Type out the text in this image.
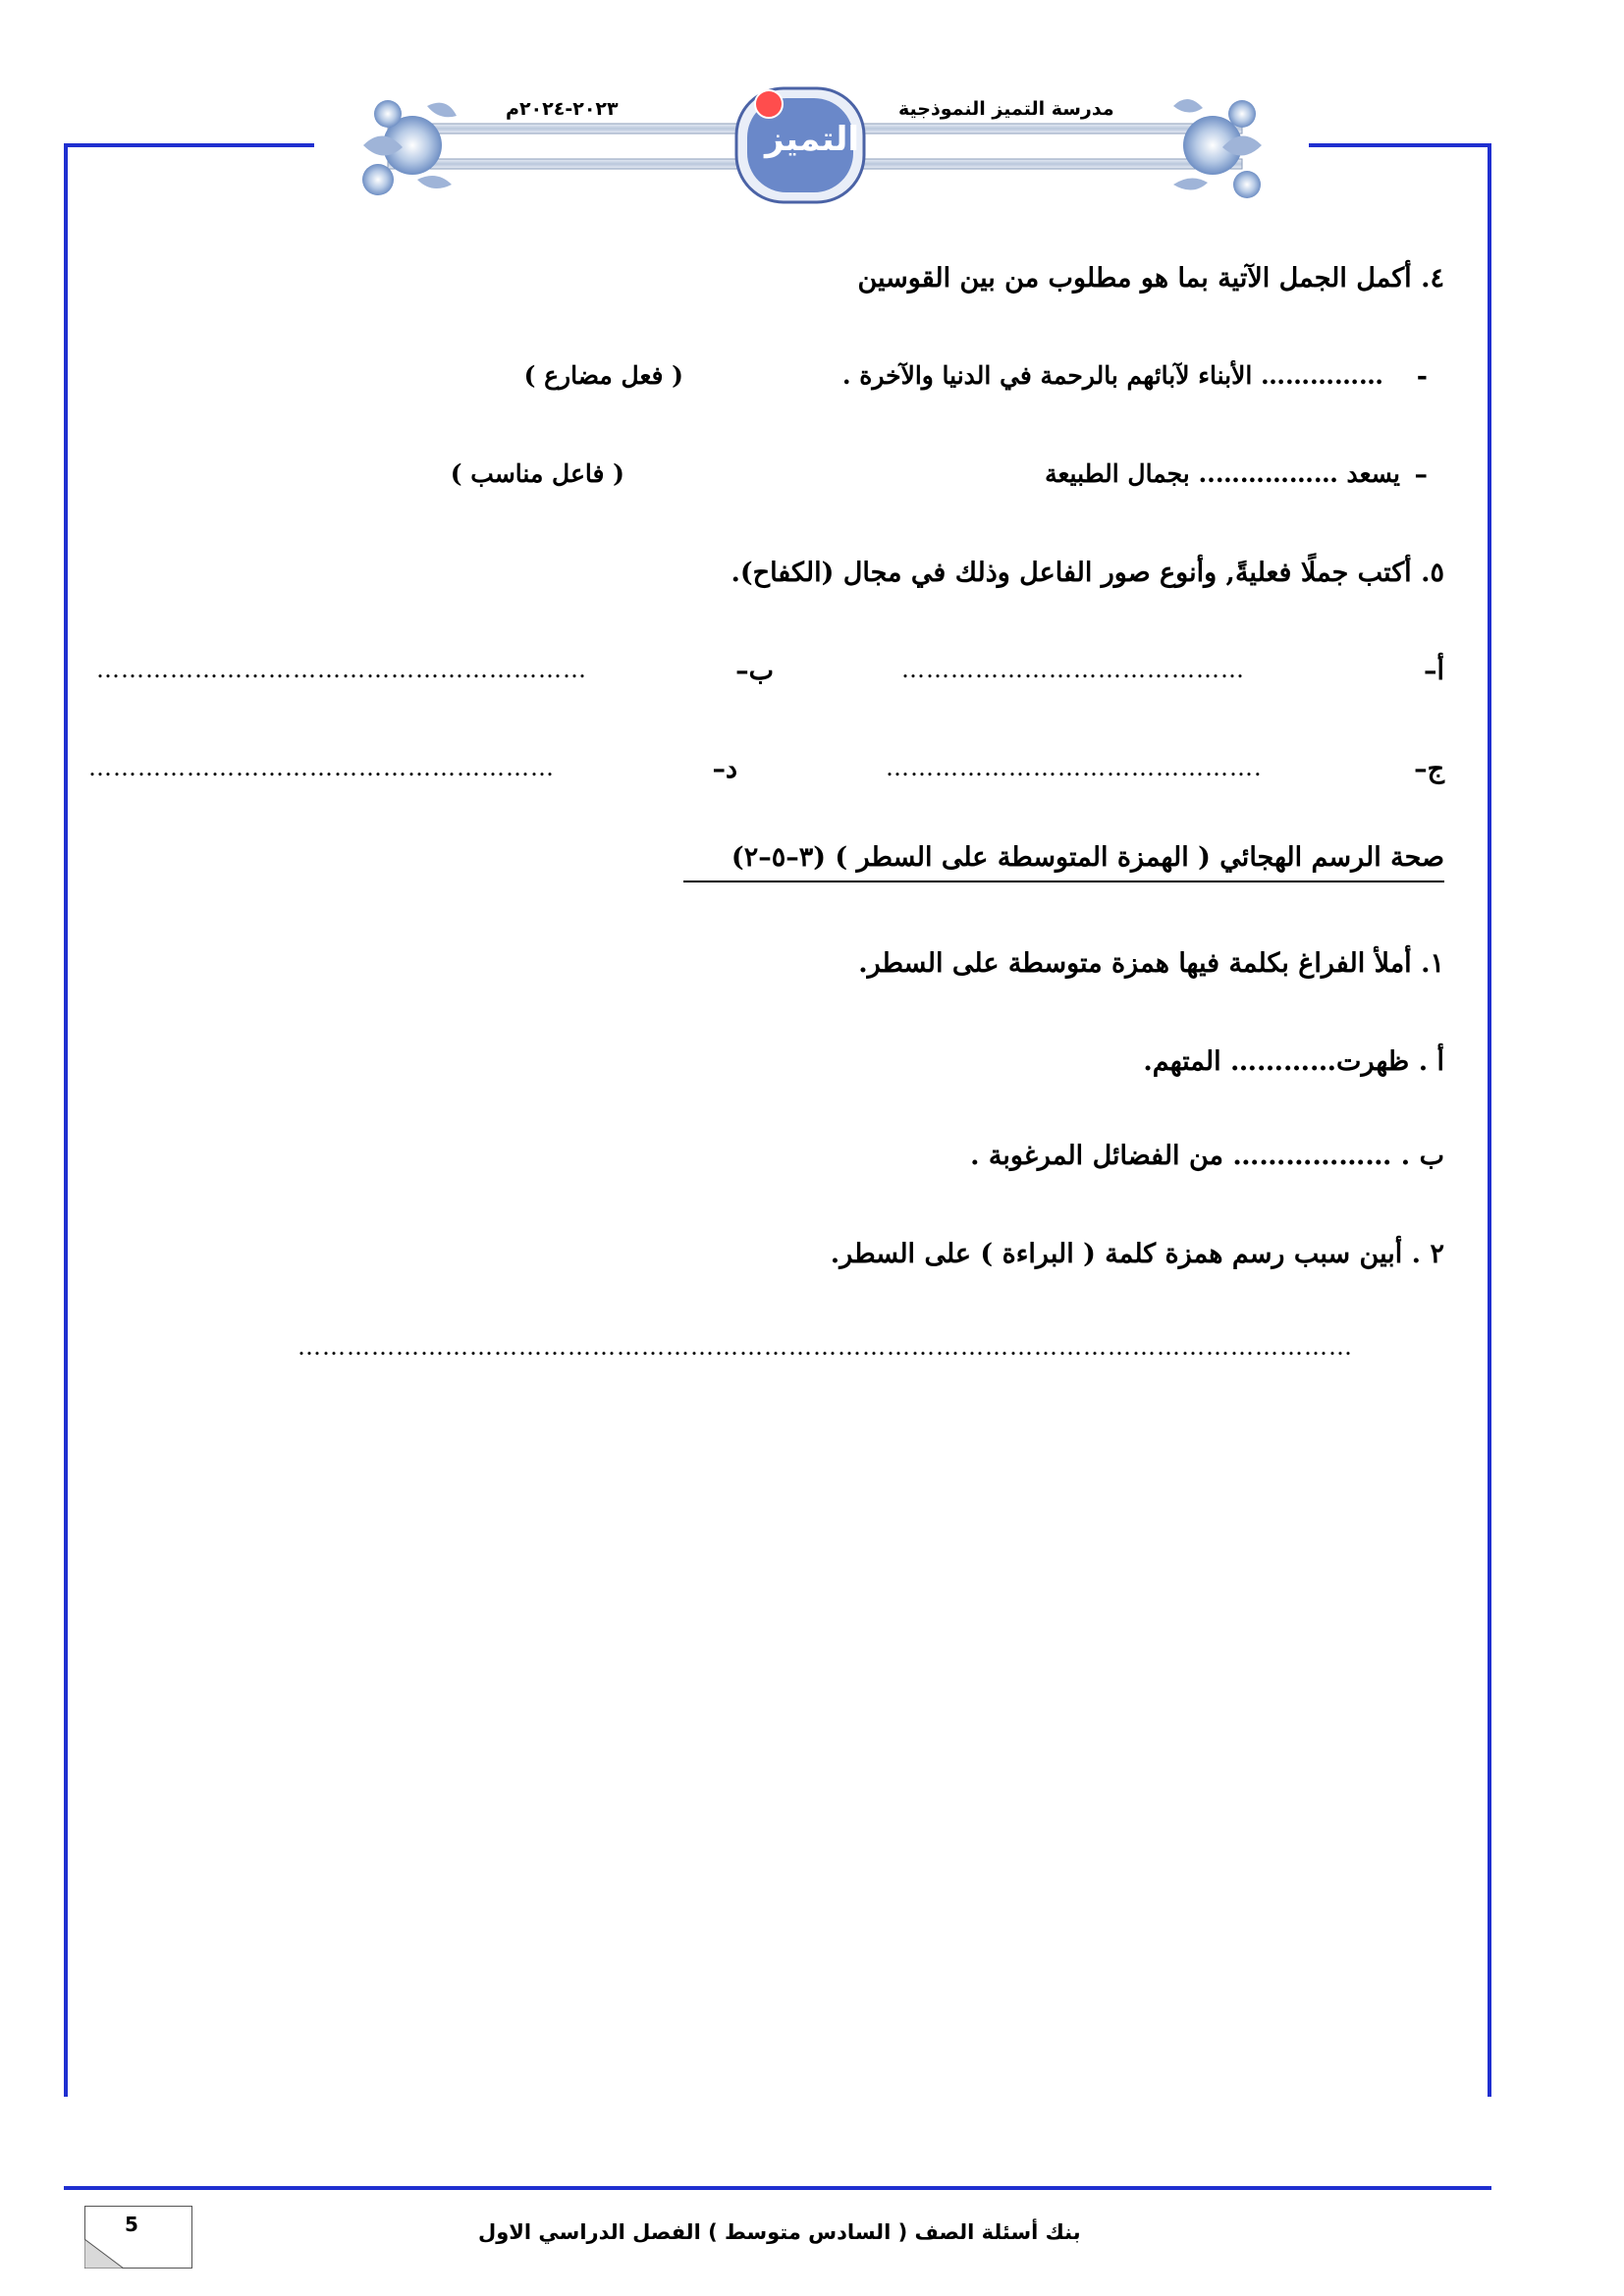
مدرسة التميز النموذجية
٢٠٢٣-٢٠٢٤م
التميز
٤. أكمل الجمل الآتية بما هو مطلوب من بين القوسين
-
…………… الأبناء لآبائهم بالرحمة في الدنيا والآخرة .
( فعل مضارع )
–
يسعد …………….. بجمال الطبيعة
( فاعل مناسب )
٥. أكتب جملًا فعليةً, وأنوع صور الفاعل وذلك في مجال (الكفاح).
أ–
……………………………………
ب–
……………………………………………………
ج–
……………………………………….
د–
…………………………………………………
صحة الرسم الهجائي ( الهمزة المتوسطة على السطر ) (٣–٥–٢)
١. أملأ الفراغ بكلمة فيها همزة متوسطة على السطر.
أ . ظهرت………… المتهم.
ب . ……………… من الفضائل المرغوبة .
٢ . أبين سبب رسم همزة كلمة ( البراءة ) على السطر.
…………………………………………………………………………………………………………………
بنك أسئلة الصف ( السادس متوسط ) الفصل الدراسي الاول
5
